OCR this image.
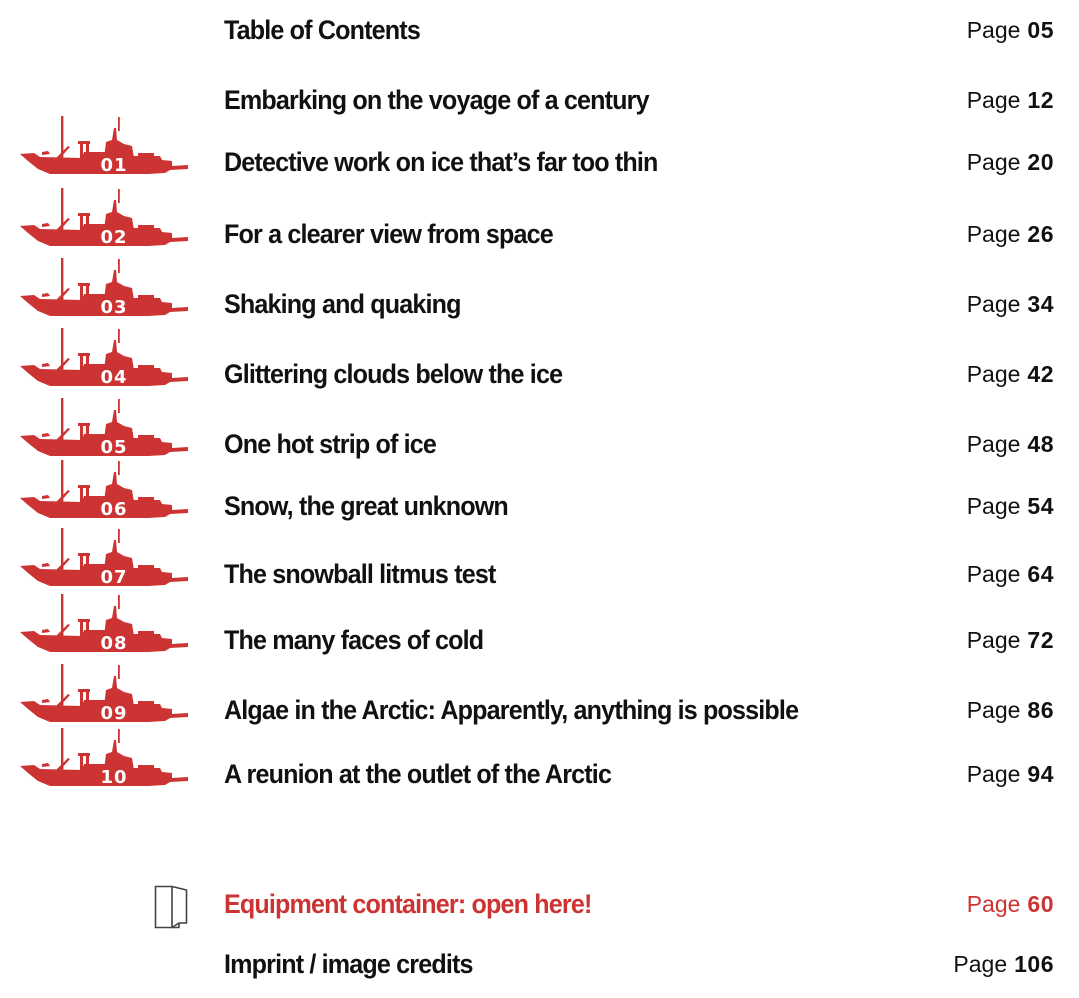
Table of Contents	Page 05
Embarking on the voyage of a century	Page 12
01	Detective work on ice that’s far too thin	Page 20
02	For a clearer view from space	Page 26
03	Shaking and quaking	Page 34
04	Glittering clouds below the ice	Page 42
05	One hot strip of ice	Page 48
06	Snow, the great unknown	Page 54
07	The snowball litmus test	Page 64
08	The many faces of cold	Page 72
09	Algae in the Arctic: Apparently, anything is possible	Page 86
10	A reunion at the outlet of the Arctic	Page 94
Equipment container: open here!	Page 60
Imprint / image credits	Page 106
